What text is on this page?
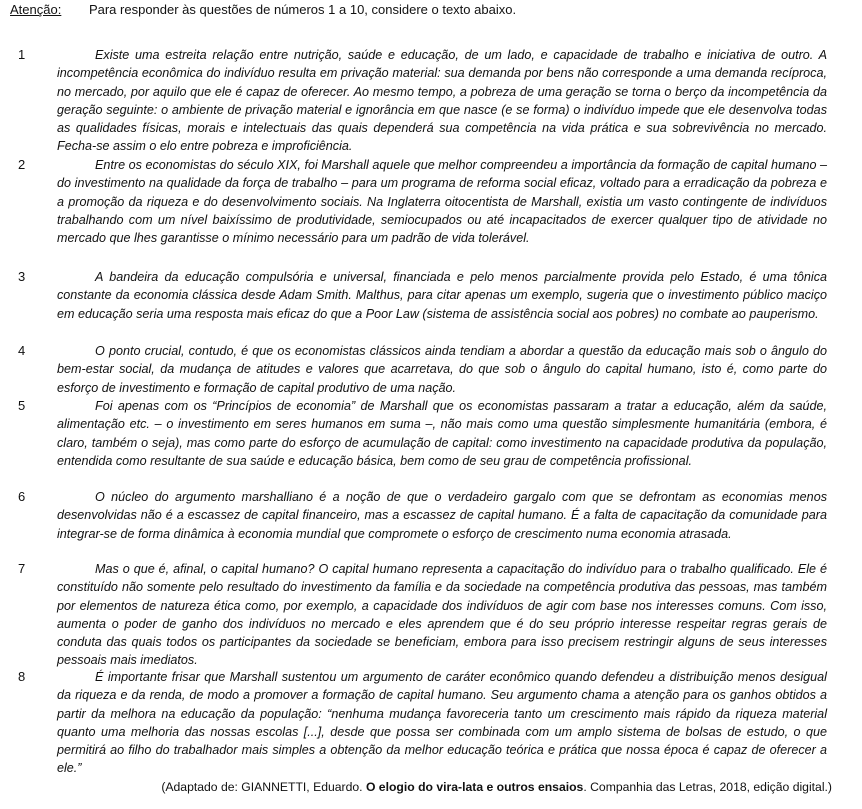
Atenção: Para responder às questões de números 1 a 10, considere o texto abaixo.
1	Existe uma estreita relação entre nutrição, saúde e educação, de um lado, e capacidade de trabalho e iniciativa de outro. A incompetência econômica do indivíduo resulta em privação material: sua demanda por bens não corresponde a uma demanda recíproca, no mercado, por aquilo que ele é capaz de oferecer. Ao mesmo tempo, a pobreza de uma geração se torna o berço da incompetência da geração seguinte: o ambiente de privação material e ignorância em que nasce (e se forma) o indivíduo impede que ele desenvolva todas as qualidades físicas, morais e intelectuais das quais dependerá sua competência na vida prática e sua sobrevivência no mercado. Fecha-se assim o elo entre pobreza e improficiência.
2	Entre os economistas do século XIX, foi Marshall aquele que melhor compreendeu a importância da formação de capital humano – do investimento na qualidade da força de trabalho – para um programa de reforma social eficaz, voltado para a erradicação da pobreza e a promoção da riqueza e do desenvolvimento sociais. Na Inglaterra oitocentista de Marshall, existia um vasto contingente de indivíduos trabalhando com um nível baixíssimo de produtividade, semiocupados ou até incapacitados de exercer qualquer tipo de atividade no mercado que lhes garantisse o mínimo necessário para um padrão de vida tolerável.
3	A bandeira da educação compulsória e universal, financiada e pelo menos parcialmente provida pelo Estado, é uma tônica constante da economia clássica desde Adam Smith. Malthus, para citar apenas um exemplo, sugeria que o investimento público maciço em educação seria uma resposta mais eficaz do que a Poor Law (sistema de assistência social aos pobres) no combate ao pauperismo.
4	O ponto crucial, contudo, é que os economistas clássicos ainda tendiam a abordar a questão da educação mais sob o ângulo do bem-estar social, da mudança de atitudes e valores que acarretava, do que sob o ângulo do capital humano, isto é, como parte do esforço de investimento e formação de capital produtivo de uma nação.
5	Foi apenas com os “Princípios de economia” de Marshall que os economistas passaram a tratar a educação, além da saúde, alimentação etc. – o investimento em seres humanos em suma –, não mais como uma questão simplesmente humanitária (embora, é claro, também o seja), mas como parte do esforço de acumulação de capital: como investimento na capacidade produtiva da população, entendida como resultante de sua saúde e educação básica, bem como de seu grau de competência profissional.
6	O núcleo do argumento marshalliano é a noção de que o verdadeiro gargalo com que se defrontam as economias menos desenvolvidas não é a escassez de capital financeiro, mas a escassez de capital humano. É a falta de capacitação da comunidade para integrar-se de forma dinâmica à economia mundial que compromete o esforço de crescimento numa economia atrasada.
7	Mas o que é, afinal, o capital humano? O capital humano representa a capacitação do indivíduo para o trabalho qualificado. Ele é constituído não somente pelo resultado do investimento da família e da sociedade na competência produtiva das pessoas, mas também por elementos de natureza ética como, por exemplo, a capacidade dos indivíduos de agir com base nos interesses comuns. Com isso, aumenta o poder de ganho dos indivíduos no mercado e eles aprendem que é do seu próprio interesse respeitar regras gerais de conduta das quais todos os participantes da sociedade se beneficiam, embora para isso precisem restringir alguns de seus interesses pessoais mais imediatos.
8	É importante frisar que Marshall sustentou um argumento de caráter econômico quando defendeu a distribuição menos desigual da riqueza e da renda, de modo a promover a formação de capital humano. Seu argumento chama a atenção para os ganhos obtidos a partir da melhora na educação da população: “nenhuma mudança favoreceria tanto um crescimento mais rápido da riqueza material quanto uma melhoria das nossas escolas [...], desde que possa ser combinada com um amplo sistema de bolsas de estudo, o que permitirá ao filho do trabalhador mais simples a obtenção da melhor educação teórica e prática que nossa época é capaz de oferecer a ele.”
(Adaptado de: GIANNETTI, Eduardo. O elogio do vira-lata e outros ensaios. Companhia das Letras, 2018, edição digital.)
